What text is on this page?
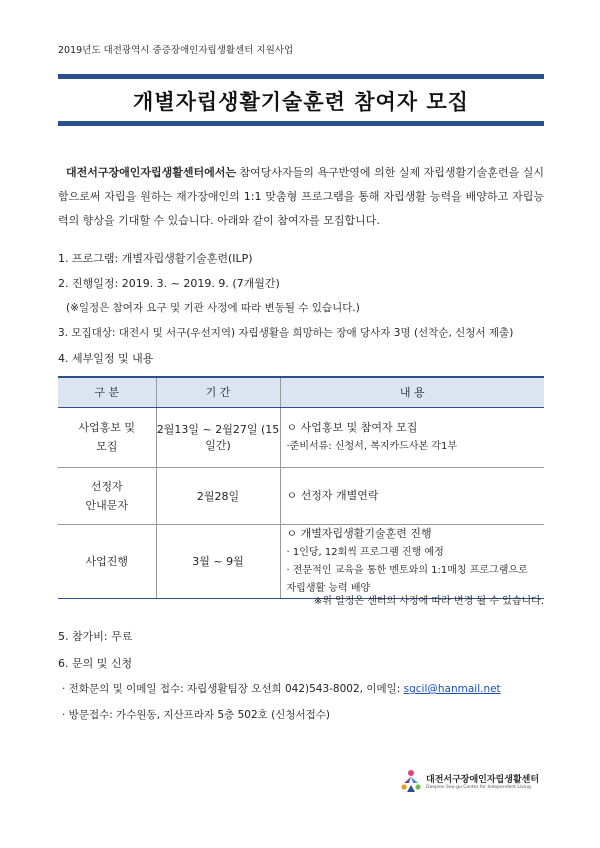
2019년도 대전광역시 중증장애인자립생활센터 지원사업
개별자립생활기술훈련 참여자 모집

대전서구장애인자립생활센터에서는 참여당사자들의 욕구반영에 의한 실제 자립생활기술훈련을 실시함으로써 자립을 원하는 재가장애인의 1:1 맞춤형 프로그램을 통해 자립생활 능력을 배양하고 자립능력의 향상을 기대할 수 있습니다. 아래와 같이 참여자를 모집합니다.

1. 프로그램: 개별자립생활기술훈련(ILP)
2. 진행일정: 2019. 3. ~ 2019. 9. (7개월간)
(※일정은 참여자 요구 및 기관 사정에 따라 변동될 수 있습니다.)
3. 모집대상: 대전시 및 서구(우선지역) 자립생활을 희망하는 장애 당사자 3명 (선착순, 신청서 제출)
4. 세부일정 및 내용
구 분	기 간	내 용
사업홍보 및
모집	2월13일 ~ 2월27일 (15일간)	ㅇ 사업홍보 및 참여자 모집
·준비서류: 신청서, 복지카드사본 각1부
선정자
안내문자	2월28일	ㅇ 선정자 개별연락
사업진행	3월 ~ 9월	ㅇ 개별자립생활기술훈련 진행
· 1인당, 12회씩 프로그램 진행 예정
· 전문적인 교육을 통한 멘토와의 1:1매칭 프로그램으로
자립생활 능력 배양
※위 일정은 센터의 사정에 따라 변경 될 수 있습니다.
5. 참가비: 무료
6. 문의 및 신청
· 전화문의 및 이메일 접수: 자립생활팀장 오선희 042)543-8002, 이메일: sgcil@hanmail.net
· 방문접수: 가수원동, 지산프라자 5층 502호 (신청서접수)
대전서구장애인자립생활센터
Daejeon Seo-gu Center for Independent Living
